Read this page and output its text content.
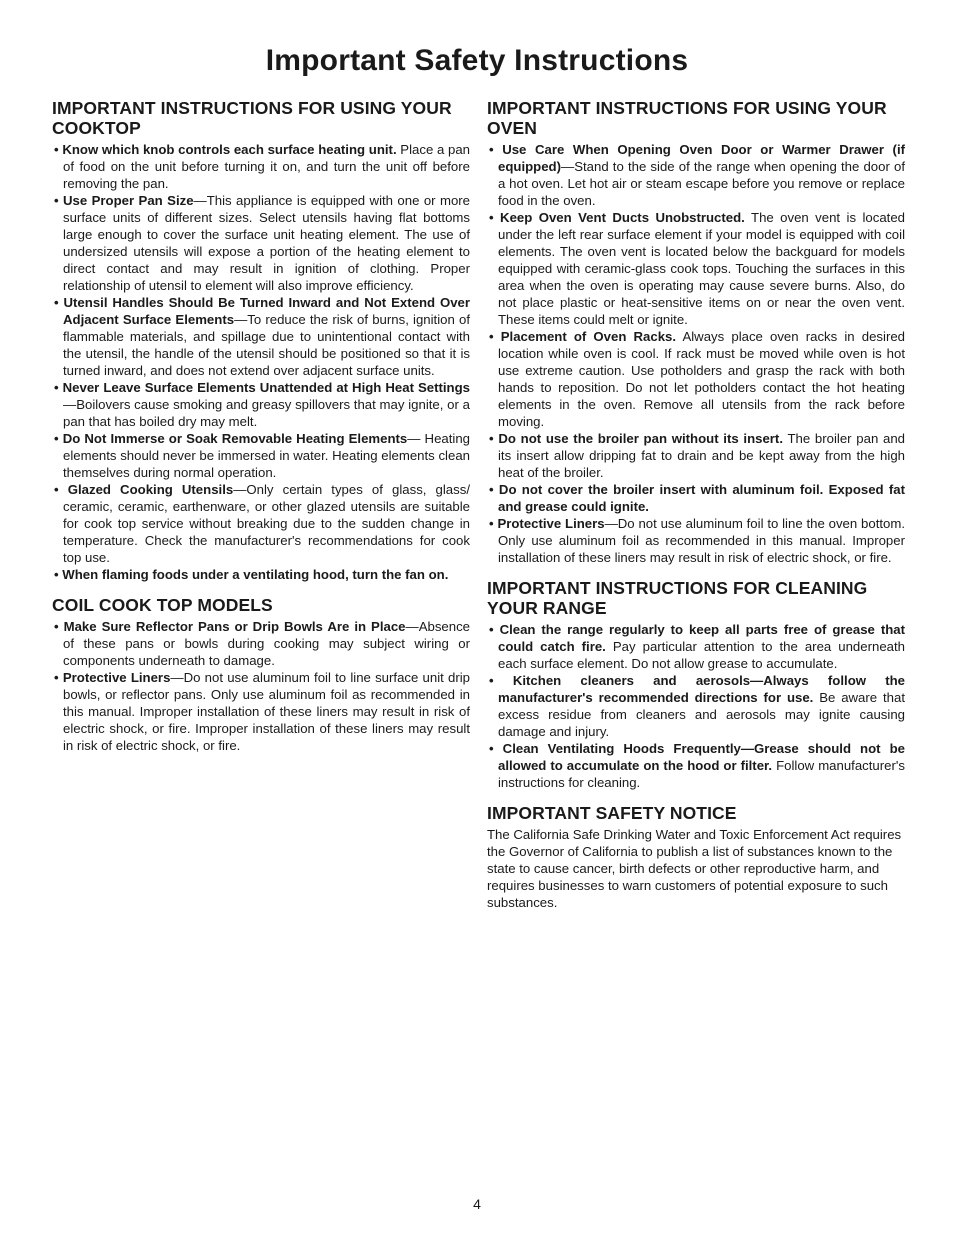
Important Safety Instructions
IMPORTANT INSTRUCTIONS FOR USING YOUR COOKTOP
• Know which knob controls each surface heating unit. Place a pan of food on the unit before turning it on, and turn the unit off before removing the pan.
• Use Proper Pan Size—This appliance is equipped with one or more surface units of different sizes. Select utensils having flat bottoms large enough to cover the surface unit heating element. The use of undersized utensils will expose a portion of the heating element to direct contact and may result in ignition of clothing. Proper relationship of utensil to element will also improve efficiency.
• Utensil Handles Should Be Turned Inward and Not Extend Over Adjacent Surface Elements—To reduce the risk of burns, ignition of flammable materials, and spillage due to unintentional contact with the utensil, the handle of the utensil should be positioned so that it is turned inward, and does not extend over adjacent surface units.
• Never Leave Surface Elements Unattended at High Heat Settings—Boilovers cause smoking and greasy spillovers that may ignite, or a pan that has boiled dry may melt.
• Do Not Immerse or Soak Removable Heating Elements— Heating elements should never be immersed in water. Heating elements clean themselves during normal operation.
• Glazed Cooking Utensils—Only certain types of glass, glass/ ceramic, ceramic, earthenware, or other glazed utensils are suitable for cook top service without breaking due to the sudden change in temperature. Check the manufacturer's recommendations for cook top use.
• When flaming foods under a ventilating hood, turn the fan on.
COIL COOK TOP MODELS
• Make Sure Reflector Pans or Drip Bowls Are in Place—Absence of these pans or bowls during cooking may subject wiring or components underneath to damage.
• Protective Liners—Do not use aluminum foil to line surface unit drip bowls, or reflector pans. Only use aluminum foil as recommended in this manual. Improper installation of these liners may result in risk of electric shock, or fire. Improper installation of these liners may result in risk of electric shock, or fire.
IMPORTANT INSTRUCTIONS FOR USING YOUR OVEN
• Use Care When Opening Oven Door or Warmer Drawer (if equipped)—Stand to the side of the range when opening the door of a hot oven. Let hot air or steam escape before you remove or replace food in the oven.
• Keep Oven Vent Ducts Unobstructed. The oven vent is located under the left rear surface element if your model is equipped with coil elements. The oven vent is located below the backguard for models equipped with ceramic-glass cook tops. Touching the surfaces in this area when the oven is operating may cause severe burns. Also, do not place plastic or heat-sensitive items on or near the oven vent. These items could melt or ignite.
• Placement of Oven Racks. Always place oven racks in desired location while oven is cool. If rack must be moved while oven is hot use extreme caution. Use potholders and grasp the rack with both hands to reposition. Do not let potholders contact the hot heating elements in the oven. Remove all utensils from the rack before moving.
• Do not use the broiler pan without its insert. The broiler pan and its insert allow dripping fat to drain and be kept away from the high heat of the broiler.
• Do not cover the broiler insert with aluminum foil. Exposed fat and grease could ignite.
• Protective Liners—Do not use aluminum foil to line the oven bottom. Only use aluminum foil as recommended in this manual. Improper installation of these liners may result in risk of electric shock, or fire.
IMPORTANT INSTRUCTIONS FOR CLEANING YOUR RANGE
• Clean the range regularly to keep all parts free of grease that could catch fire. Pay particular attention to the area underneath each surface element. Do not allow grease to accumulate.
• Kitchen cleaners and aerosols—Always follow the manufacturer's recommended directions for use. Be aware that excess residue from cleaners and aerosols may ignite causing damage and injury.
• Clean Ventilating Hoods Frequently—Grease should not be allowed to accumulate on the hood or filter. Follow manufacturer's instructions for cleaning.
IMPORTANT SAFETY NOTICE

The California Safe Drinking Water and Toxic Enforcement Act requires the Governor of California to publish a list of substances known to the state to cause cancer, birth defects or other reproductive harm, and requires businesses to warn customers of potential exposure to such substances.

4
